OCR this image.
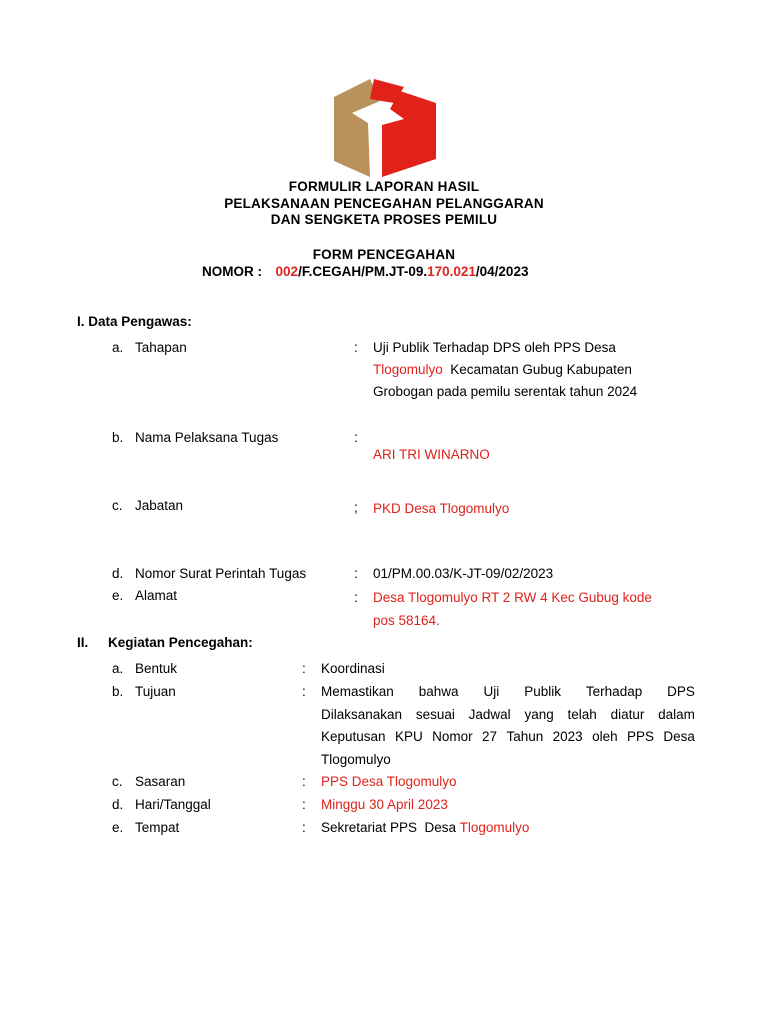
FORMULIR LAPORAN HASIL
PELAKSANAAN PENCEGAHAN PELANGGARAN
DAN SENGKETA PROSES PEMILU
FORM PENCEGAHAN
NOMOR : 002/F.CEGAH/PM.JT-09.170.021/04/2023
I. Data Pengawas:
a. Tahapan	: Uji Publik Terhadap DPS oleh PPS Desa
Tlogomulyo  Kecamatan Gubug Kabupaten
Grobogan pada pemilu serentak tahun 2024
b. Nama Pelaksana Tugas	:
ARI TRI WINARNO
c. Jabatan	; PKD Desa Tlogomulyo
d. Nomor Surat Perintah Tugas	: 01/PM.00.03/K-JT-09/02/2023
e. Alamat	: Desa Tlogomulyo RT 2 RW 4 Kec Gubug kode
pos 58164.
II. Kegiatan Pencegahan:
a. Bentuk	: Koordinasi
b. Tujuan	: Memastikan bahwa Uji Publik Terhadap DPS
Dilaksanakan sesuai Jadwal yang telah diatur dalam
Keputusan KPU Nomor 27 Tahun 2023 oleh PPS Desa
Tlogomulyo
c. Sasaran	: PPS Desa Tlogomulyo
d. Hari/Tanggal	: Minggu 30 April 2023
e. Tempat	: Sekretariat PPS  Desa Tlogomulyo
